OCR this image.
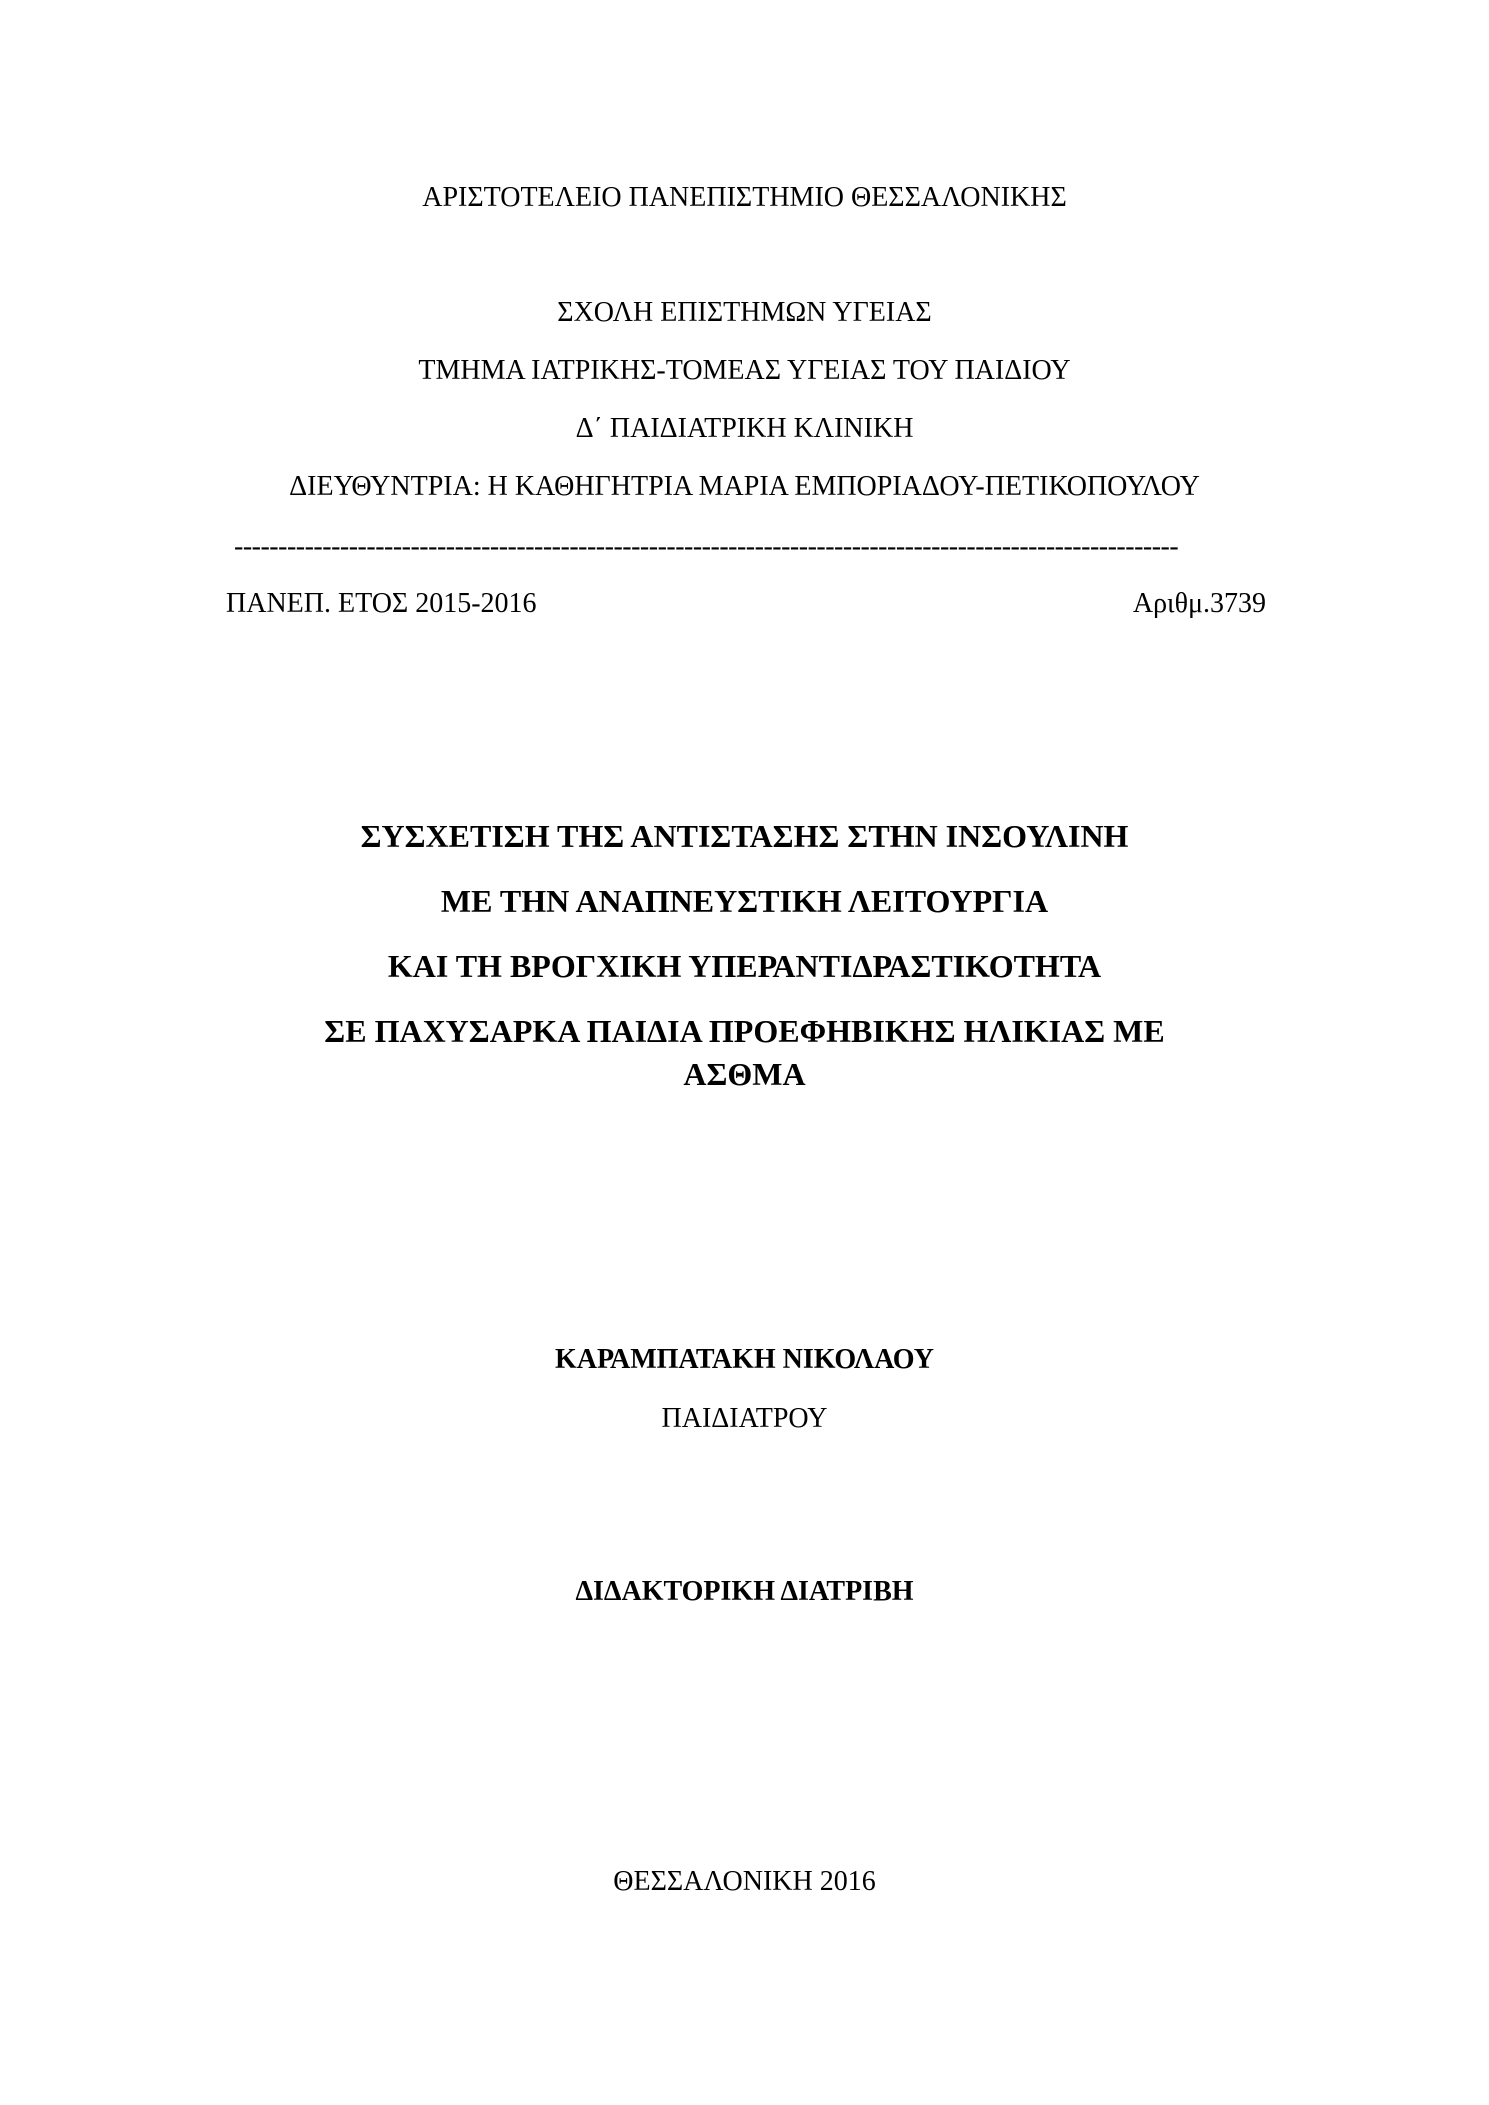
ΑΡΙΣΤΟΤΕΛΕΙΟ ΠΑΝΕΠΙΣΤΗΜΙΟ ΘΕΣΣΑΛΟΝΙΚΗΣ
ΣΧΟΛΗ ΕΠΙΣΤΗΜΩΝ ΥΓΕΙΑΣ
ΤΜΗΜΑ ΙΑΤΡΙΚΗΣ-ΤΟΜΕΑΣ ΥΓΕΙΑΣ ΤΟΥ ΠΑΙΔΙΟΥ
Δ΄ ΠΑΙΔΙΑΤΡΙΚΗ ΚΛΙΝΙΚΗ
ΔΙΕΥΘΥΝΤΡΙΑ: Η ΚΑΘΗΓΗΤΡΙΑ ΜΑΡΙΑ ΕΜΠΟΡΙΑΔΟΥ-ΠΕΤΙΚΟΠΟΥΛΟΥ
-----------------------------------------------------------------------------------------------------------
ΠΑΝΕΠ. ΕΤΟΣ 2015-2016	Αριθμ.3739
ΣΥΣΧΕΤΙΣΗ ΤΗΣ ΑΝΤΙΣΤΑΣΗΣ ΣΤΗΝ ΙΝΣΟΥΛΙΝΗ
ΜΕ ΤΗΝ ΑΝΑΠΝΕΥΣΤΙΚΗ ΛΕΙΤΟΥΡΓΙΑ
ΚΑΙ ΤΗ ΒΡΟΓΧΙΚΗ ΥΠΕΡΑΝΤΙΔΡΑΣΤΙΚΟΤΗΤΑ
ΣΕ ΠΑΧΥΣΑΡΚΑ ΠΑΙΔΙΑ ΠΡΟΕΦΗΒΙΚΗΣ ΗΛΙΚΙΑΣ ΜΕ
ΑΣΘΜΑ
ΚΑΡΑΜΠΑΤΑΚΗ ΝΙΚΟΛΑΟΥ
ΠΑΙΔΙΑΤΡΟΥ
ΔΙΔΑΚΤΟΡΙΚΗ ΔΙΑΤΡΙΒΗ
ΘΕΣΣΑΛΟΝΙΚΗ 2016
